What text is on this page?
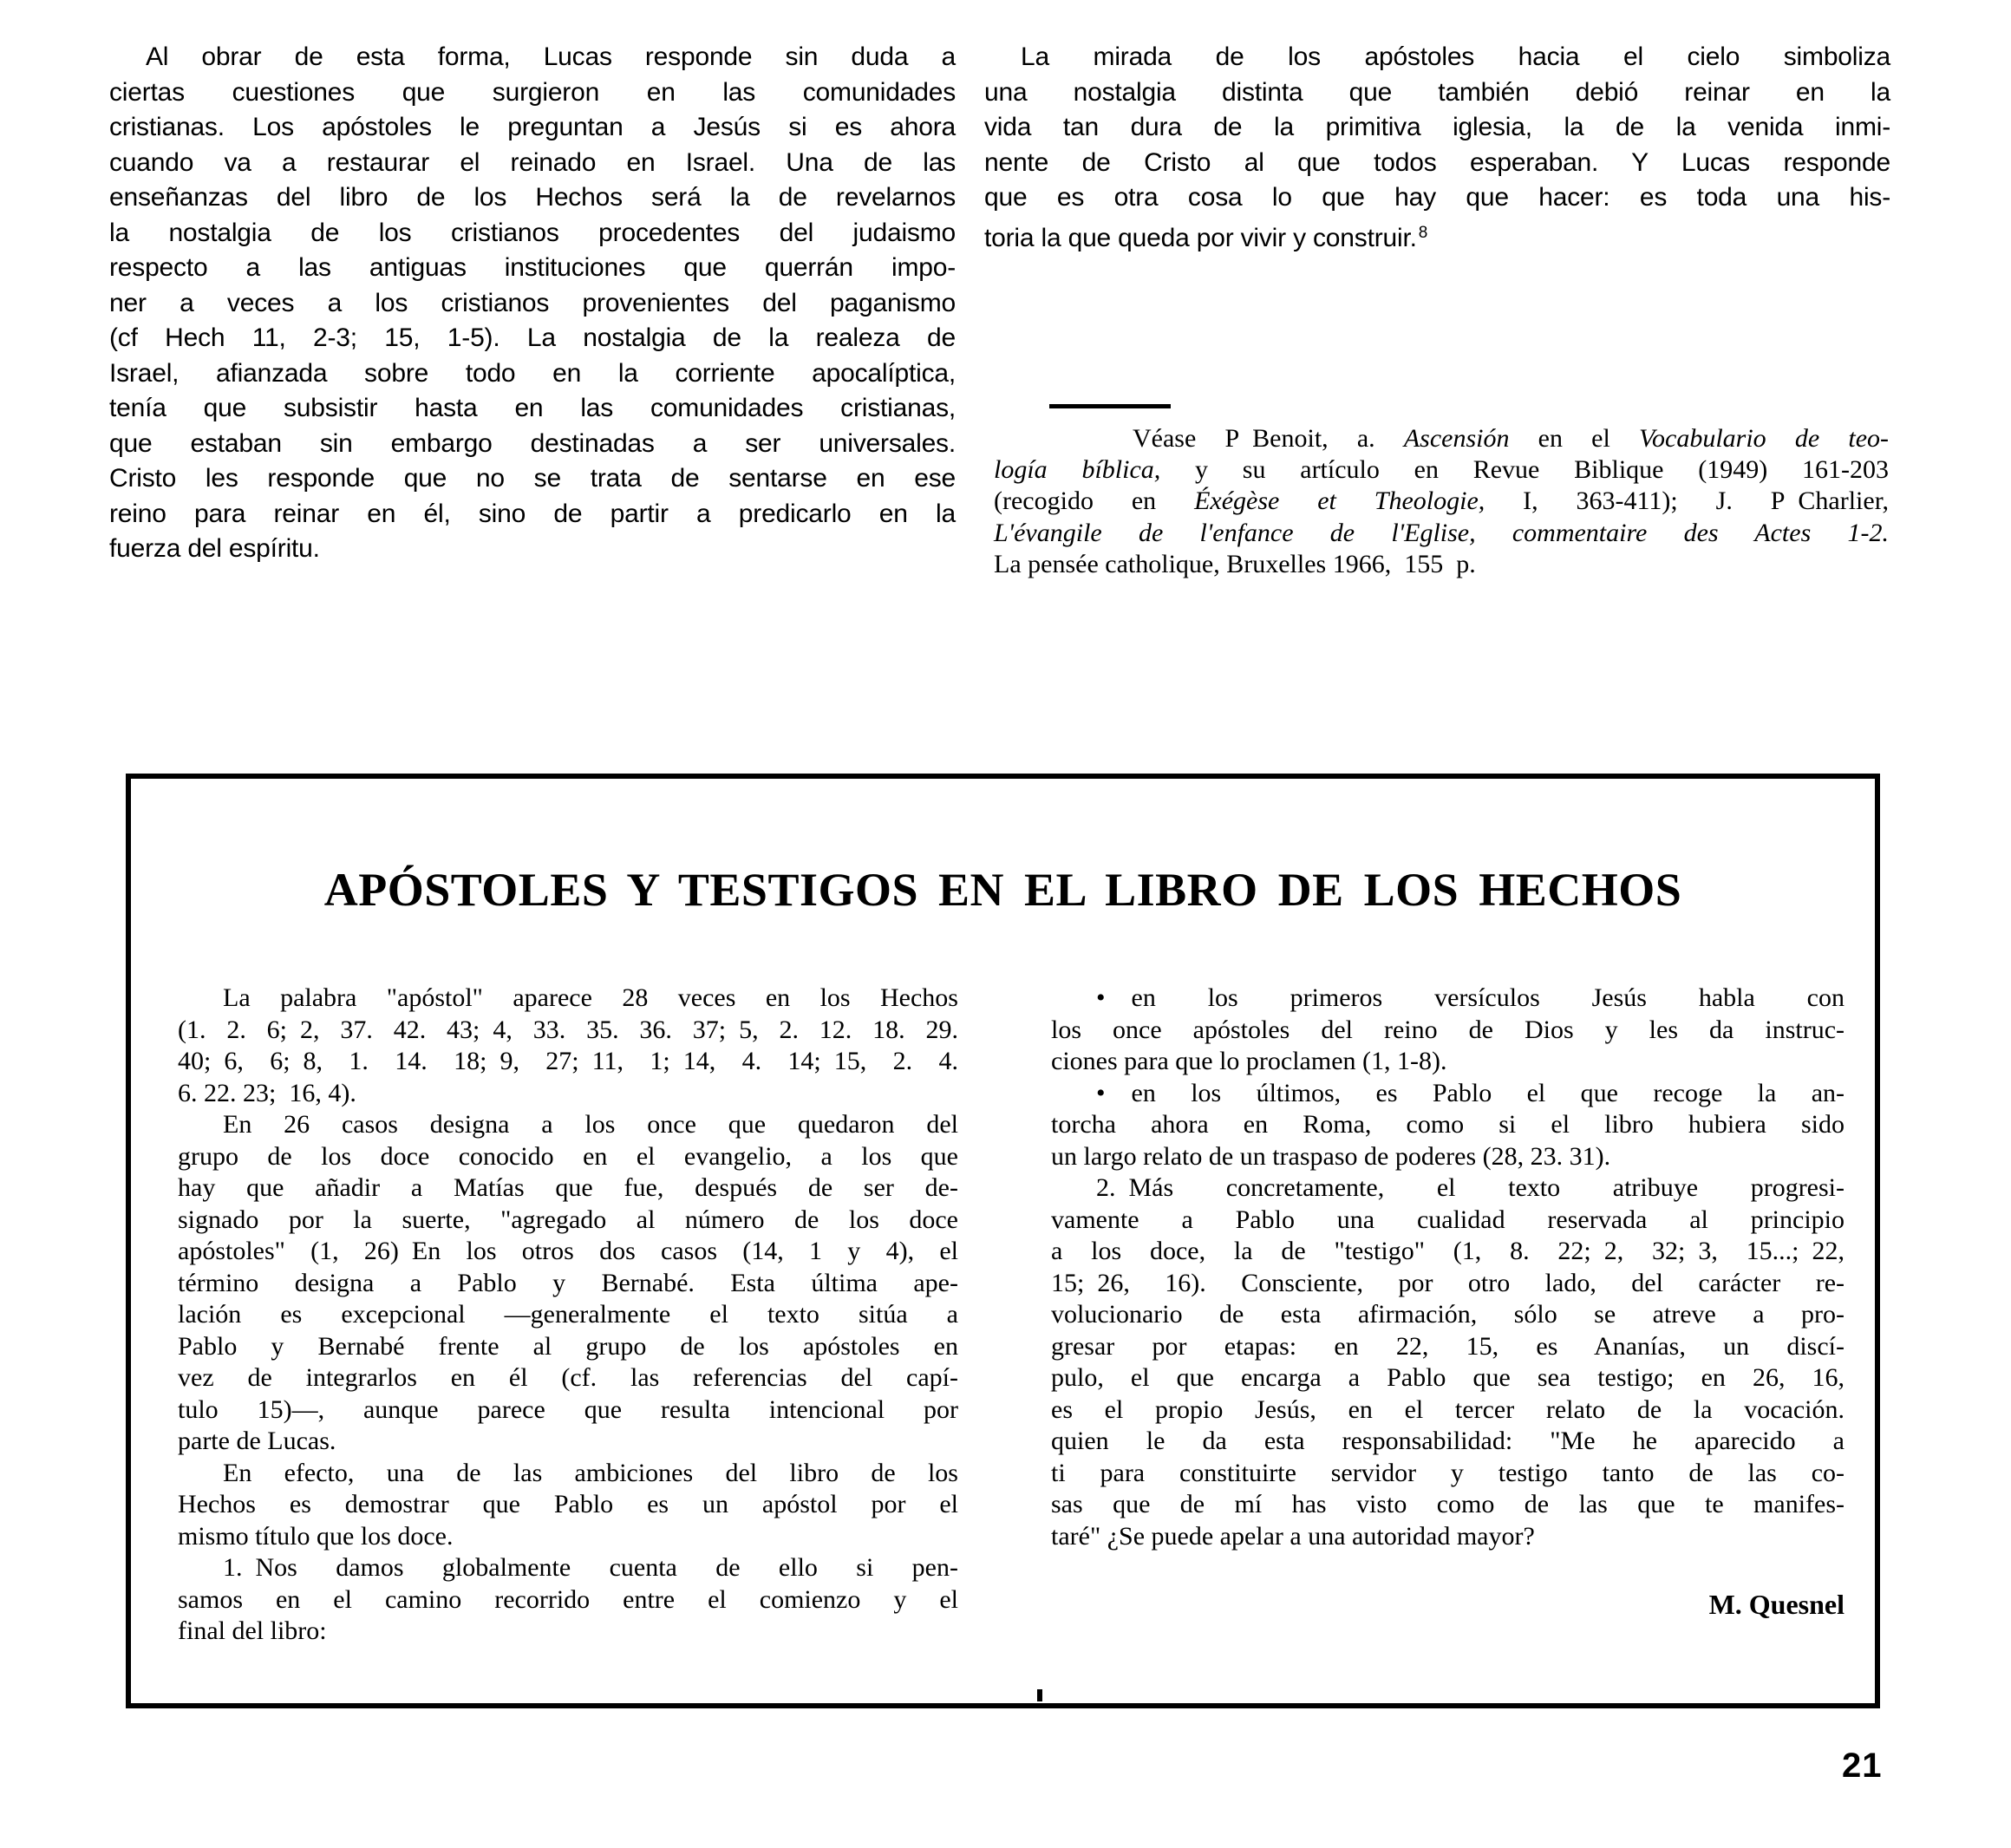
Al obrar de esta forma, Lucas responde sin duda a
ciertas cuestiones que surgieron en las comunidades
cristianas. Los apóstoles le preguntan a Jesús si es ahora
cuando va a restaurar el reinado en Israel. Una de las
enseñanzas del libro de los Hechos será la de revelarnos
la nostalgia de los cristianos procedentes del judaismo
respecto a las antiguas instituciones que querrán impo-
ner a veces a los cristianos provenientes del paganismo
(cf Hech 11, 2-3; 15, 1-5). La nostalgia de la realeza de
Israel, afianzada sobre todo en la corriente apocalíptica,
tenía que subsistir hasta en las comunidades cristianas,
que estaban sin embargo destinadas a ser universales.
Cristo les responde que no se trata de sentarse en ese
reino para reinar en él, sino de partir a predicarlo en la
fuerza del espíritu.
La mirada de los apóstoles hacia el cielo simboliza
una nostalgia distinta que también debió reinar en la
vida tan dura de la primitiva iglesia, la de la venida inmi-
nente de Cristo al que todos esperaban. Y Lucas responde
que es otra cosa lo que hay que hacer: es toda una his-
toria la que queda por vivir y construir. $^8$
Véase P Benoit, a. Ascensión en el Vocabulario de teo-
logía bíblica, y su artículo en Revue Biblique (1949) 161-203
(recogido en Éxégèse et Theologie, I, 363-411); J. P Charlier,
L'évangile de l'enfance de l'Eglise, commentaire des Actes 1-2.
La pensée catholique, Bruxelles 1966, 155 p.
APÓSTOLES Y TESTIGOS EN EL LIBRO DE LOS HECHOS
La palabra "apóstol" aparece 28 veces en los Hechos
(1. 2. 6; 2, 37. 42. 43; 4, 33. 35. 36. 37; 5, 2. 12. 18. 29.
40; 6, 6; 8, 1. 14. 18; 9, 27; 11, 1; 14, 4. 14; 15, 2. 4.
6. 22. 23; 16, 4).
En 26 casos designa a los once que quedaron del
grupo de los doce conocido en el evangelio, a los que
hay que añadir a Matías que fue, después de ser de-
signado por la suerte, "agregado al número de los doce
apóstoles" (1, 26) En los otros dos casos (14, 1 y 4), el
término designa a Pablo y Bernabé. Esta última ape-
lación es excepcional —generalmente el texto sitúa a
Pablo y Bernabé frente al grupo de los apóstoles en
vez de integrarlos en él (cf. las referencias del capí-
tulo 15)—, aunque parece que resulta intencional por
parte de Lucas.
En efecto, una de las ambiciones del libro de los
Hechos es demostrar que Pablo es un apóstol por el
mismo título que los doce.
1. Nos damos globalmente cuenta de ello si pen-
samos en el camino recorrido entre el comienzo y el
final del libro:
•  en los primeros versículos Jesús habla con
los once apóstoles del reino de Dios y les da instruc-
ciones para que lo proclamen (1, 1-8).
•  en los últimos, es Pablo el que recoge la an-
torcha ahora en Roma, como si el libro hubiera sido
un largo relato de un traspaso de poderes (28, 23. 31).
2. Más concretamente, el texto atribuye progresi-
vamente a Pablo una cualidad reservada al principio
a los doce, la de "testigo" (1, 8. 22; 2, 32; 3, 15...; 22,
15; 26, 16). Consciente, por otro lado, del carácter re-
volucionario de esta afirmación, sólo se atreve a pro-
gresar por etapas: en 22, 15, es Ananías, un discí-
pulo, el que encarga a Pablo que sea testigo; en 26, 16,
es el propio Jesús, en el tercer relato de la vocación.
quien le da esta responsabilidad: "Me he aparecido a
ti para constituirte servidor y testigo tanto de las co-
sas que de mí has visto como de las que te manifes-
taré" ¿Se puede apelar a una autoridad mayor?
M. Quesnel
21
